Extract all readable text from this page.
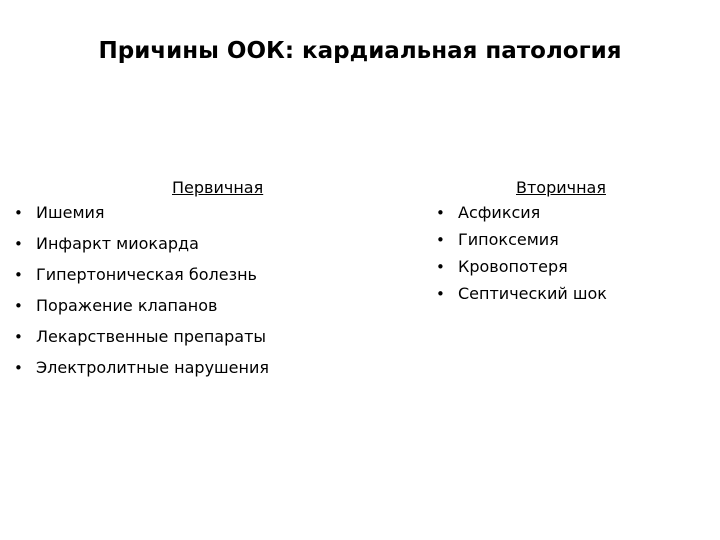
Причины ООК: кардиальная патология
Первичная
• Ишемия
• Инфаркт миокарда
• Гипертоническая болезнь
• Поражение клапанов
• Лекарственные препараты
• Электролитные нарушения
Вторичная
• Асфиксия
• Гипоксемия
• Кровопотеря
• Септический шок
